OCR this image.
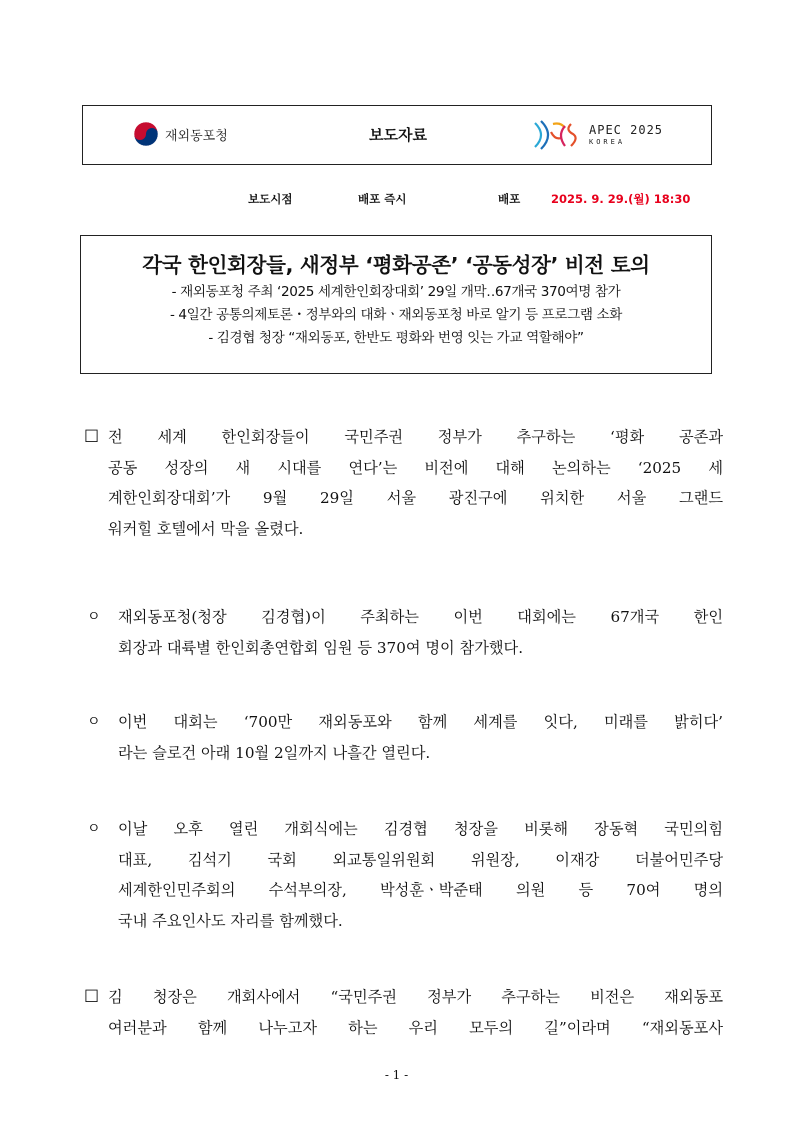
재외동포청	보도자료	APEC 2025
KOREA
보도시점	배포 즉시	배포	2025. 9. 29.(월) 18:30
각국 한인회장들, 새정부 ‘평화공존’ ‘공동성장’ 비전 토의
- 재외동포청 주최 ‘2025 세계한인회장대회’ 29일 개막‥67개국 370여명 참가
- 4일간 공통의제토론・정부와의 대화ㆍ재외동포청 바로 알기 등 프로그램 소화
- 김경협 청장 “재외동포, 한반도 평화와 번영 잇는 가교 역할해야”
□ 전 세계 한인회장들이 국민주권 정부가 추구하는 ‘평화 공존과
공동 성장의 새 시대를 연다’는 비전에 대해 논의하는 ‘2025 세
계한인회장대회’가 9월 29일 서울 광진구에 위치한 서울 그랜드
워커힐 호텔에서 막을 올렸다.
ㅇ 재외동포청(청장 김경협)이 주최하는 이번 대회에는 67개국 한인
회장과 대륙별 한인회총연합회 임원 등 370여 명이 참가했다.
ㅇ 이번 대회는 ‘700만 재외동포와 함께 세계를 잇다, 미래를 밝히다’
라는 슬로건 아래 10월 2일까지 나흘간 열린다.
ㅇ 이날 오후 열린 개회식에는 김경협 청장을 비롯해 장동혁 국민의힘
대표, 김석기 국회 외교통일위원회 위원장, 이재강 더불어민주당
세계한인민주회의 수석부의장, 박성훈ㆍ박준태 의원 등 70여 명의
국내 주요인사도 자리를 함께했다.
□ 김 청장은 개회사에서 “국민주권 정부가 추구하는 비전은 재외동포
여러분과 함께 나누고자 하는 우리 모두의 길”이라며 “재외동포사
- 1 -
